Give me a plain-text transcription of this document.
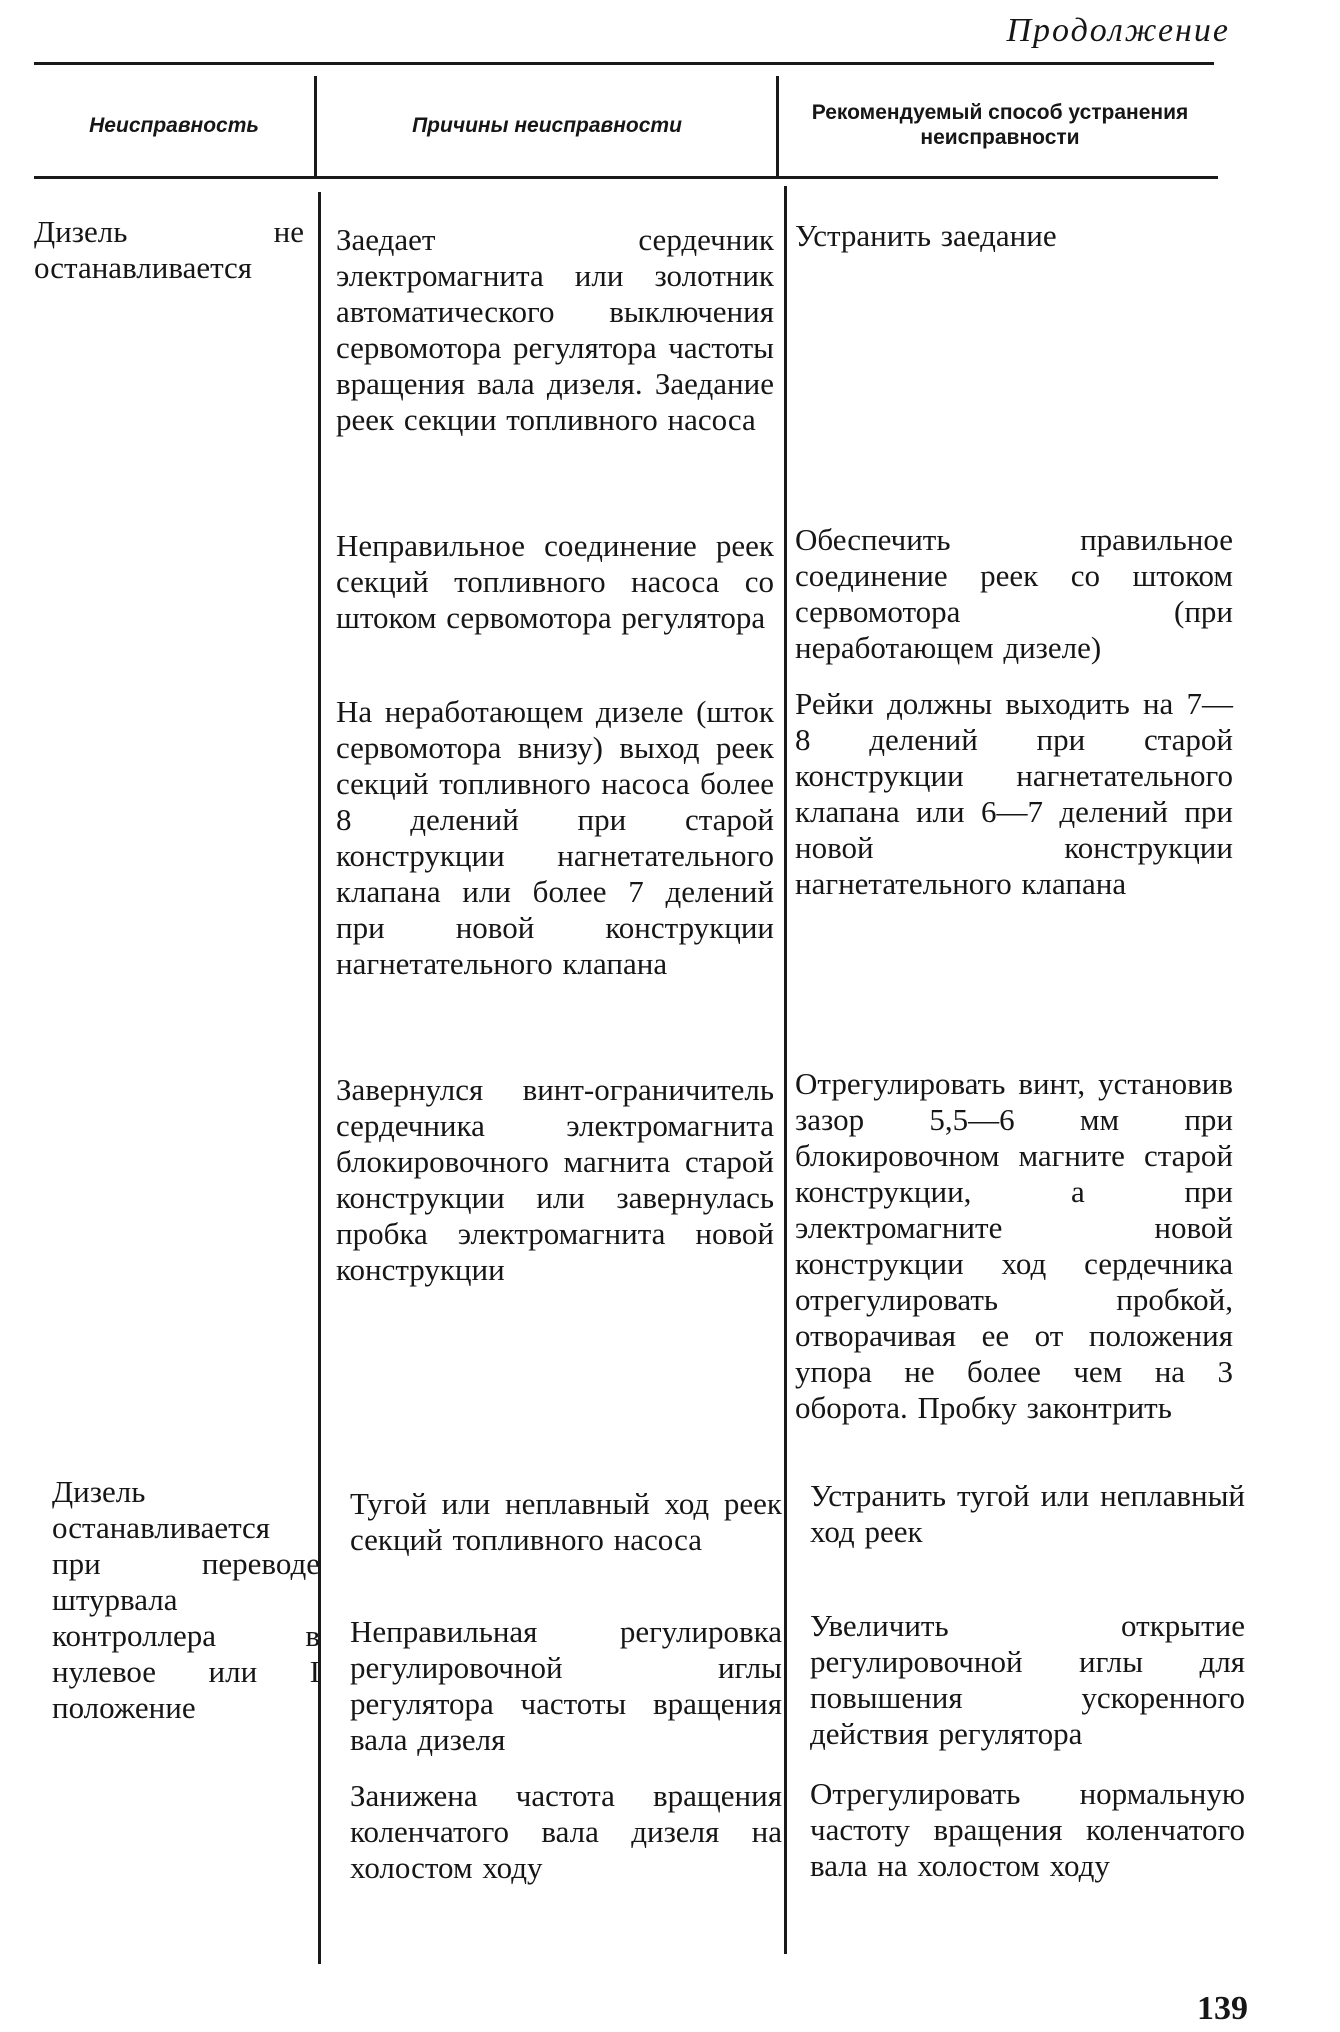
Продолжение
Неисправность	Причины неисправности
Рекомендуемый способ устранения неисправности
Дизель не останавливается
Заедает сердечник электромагнита или золотник автоматического выключения сервомотора регулятора частоты вращения вала дизеля. Заедание реек секции топливного насоса
Устранить заедание
Неправильное соединение реек секций топливного насоса со штоком сервомотора регулятора
Обеспечить правильное соединение реек со штоком сервомотора (при неработающем дизеле)
На неработающем дизеле (шток сервомотора внизу) выход реек секций топливного насоса более 8 делений при старой конструкции нагнетательного клапана или более 7 делений при новой конструкции нагнетательного клапана
Рейки должны выходить на 7—8 делений при старой конструкции нагнетательного клапана или 6—7 делений при новой конструкции нагнетательного клапана
Завернулся винт-ограничитель сердечника электромагнита блокировочного магнита старой конструкции или завернулась пробка электромагнита новой конструкции
Отрегулировать винт, установив зазор 5,5—6 мм при блокировочном магните старой конструкции, а при электромагните новой конструкции ход сердечника отрегулировать пробкой, отворачивая ее от положения упора не более чем на 3 оборота. Пробку законтрить
Дизель останавливается при переводе штурвала контроллера в нулевое или I положение
Тугой или неплавный ход реек секций топливного насоса
Устранить тугой или неплавный ход реек
Неправильная регулировка регулировочной иглы регулятора частоты вращения вала дизеля
Увеличить открытие регулировочной иглы для повышения ускоренного действия регулятора
Занижена частота вращения коленчатого вала дизеля на холостом ходу
Отрегулировать нормальную частоту вращения коленчатого вала на холостом ходу
139
